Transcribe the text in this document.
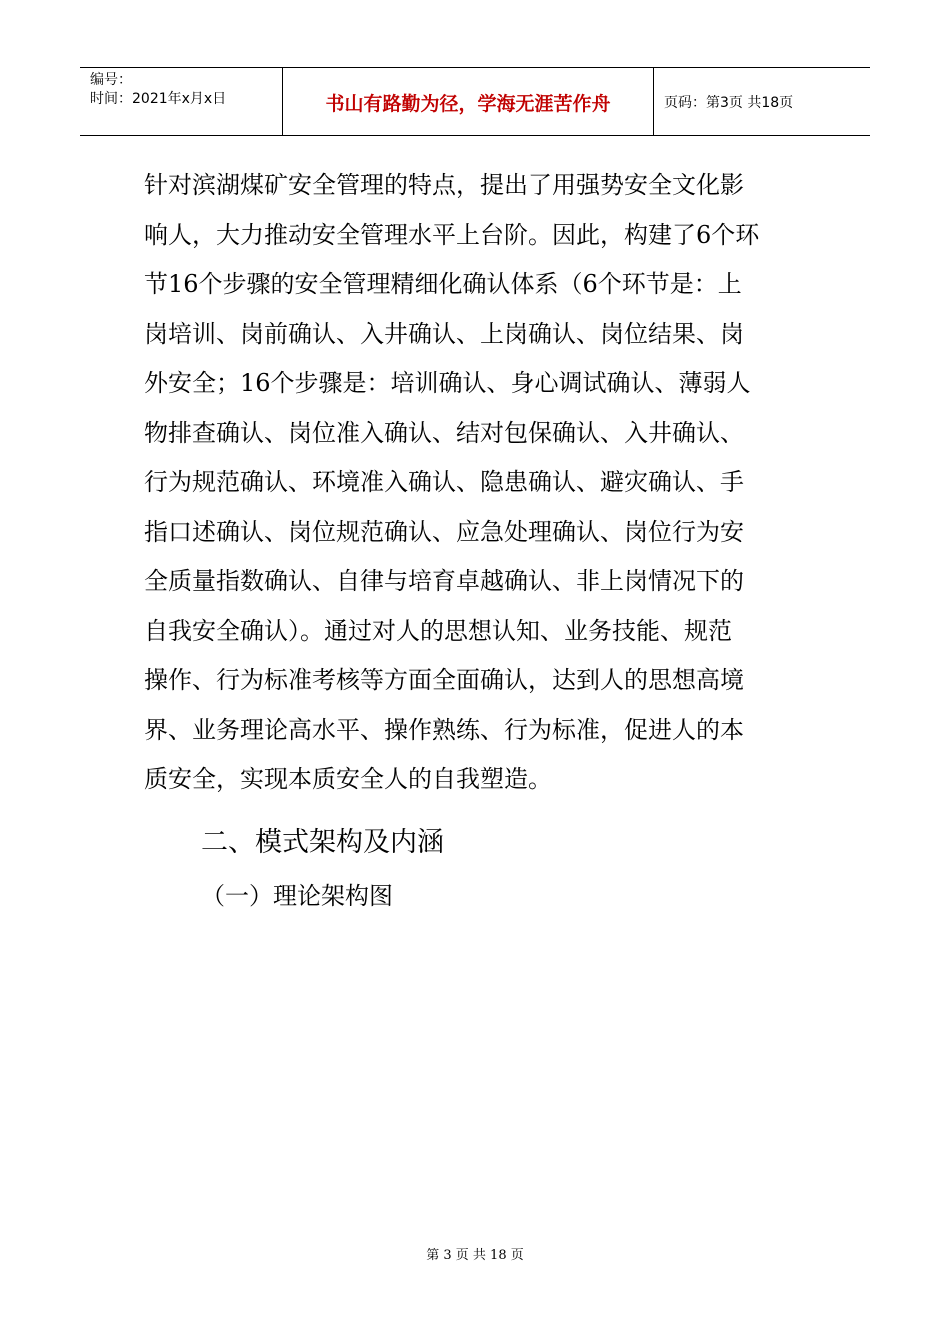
编号：
时间：2021年x月x日	书山有路勤为径，学海无涯苦作舟	页码：第3页 共18页
针对滨湖煤矿安全管理的特点，提出了用强势安全文化影
响人，大力推动安全管理水平上台阶。因此，构建了6个环
节16个步骤的安全管理精细化确认体系（6个环节是：上
岗培训、岗前确认、入井确认、上岗确认、岗位结果、岗
外安全；16个步骤是：培训确认、身心调试确认、薄弱人
物排查确认、岗位准入确认、结对包保确认、入井确认、
行为规范确认、环境准入确认、隐患确认、避灾确认、手
指口述确认、岗位规范确认、应急处理确认、岗位行为安
全质量指数确认、自律与培育卓越确认、非上岗情况下的
自我安全确认）。通过对人的思想认知、业务技能、规范
操作、行为标准考核等方面全面确认，达到人的思想高境
界、业务理论高水平、操作熟练、行为标准，促进人的本
质安全，实现本质安全人的自我塑造。
二、模式架构及内涵
（一）理论架构图
第 3 页 共 18 页
